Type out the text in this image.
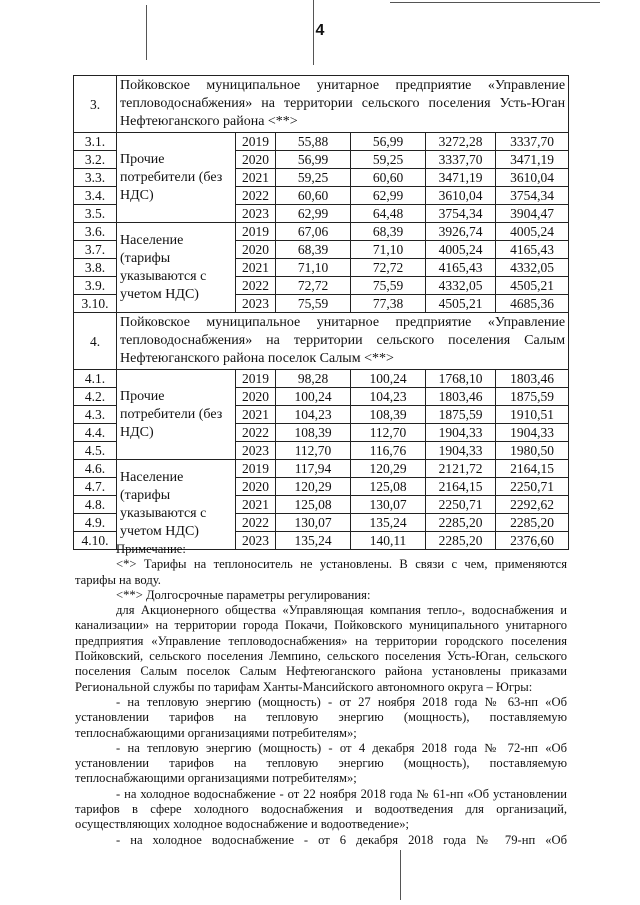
4
3.	Пойковское муниципальное унитарное предприятие «Управление тепловодоснабжения» на территории сельского поселения Усть-Юган Нефтеюганского района <**>					
3.1.	Прочие потребители (без НДС)	2019	55,88	56,99	3272,28	3337,70
3.2.		2020	56,99	59,25	3337,70	3471,19
3.3.		2021	59,25	60,60	3471,19	3610,04
3.4.		2022	60,60	62,99	3610,04	3754,34
3.5.		2023	62,99	64,48	3754,34	3904,47
3.6.	Население (тарифы указываются с учетом НДС)	2019	67,06	68,39	3926,74	4005,24
3.7.		2020	68,39	71,10	4005,24	4165,43
3.8.		2021	71,10	72,72	4165,43	4332,05
3.9.		2022	72,72	75,59	4332,05	4505,21
3.10.		2023	75,59	77,38	4505,21	4685,36
4.	Пойковское муниципальное унитарное предприятие «Управление тепловодоснабжения» на территории сельского поселения Салым Нефтеюганского района поселок Салым <**>					
4.1.	Прочие потребители (без НДС)	2019	98,28	100,24	1768,10	1803,46
4.2.		2020	100,24	104,23	1803,46	1875,59
4.3.		2021	104,23	108,39	1875,59	1910,51
4.4.		2022	108,39	112,70	1904,33	1904,33
4.5.		2023	112,70	116,76	1904,33	1980,50
4.6.	Население (тарифы указываются с учетом НДС)	2019	117,94	120,29	2121,72	2164,15
4.7.		2020	120,29	125,08	2164,15	2250,71
4.8.		2021	125,08	130,07	2250,71	2292,62
4.9.		2022	130,07	135,24	2285,20	2285,20
4.10.		2023	135,24	140,11	2285,20	2376,60

Примечание:

<*> Тарифы на теплоноситель не установлены. В связи с чем, применяются тарифы на воду.

<**> Долгосрочные параметры регулирования:

для Акционерного общества «Управляющая компания тепло-, водоснабжения и канализации» на территории города Покачи, Пойковского муниципального унитарного предприятия «Управление тепловодоснабжения» на территории городского поселения Пойковский, сельского поселения Лемпино, сельского поселения Усть-Юган, сельского поселения Салым поселок Салым Нефтеюганского района установлены приказами Региональной службы по тарифам Ханты-Мансийского автономного округа – Югры:

- на тепловую энергию (мощность) - от 27 ноября 2018 года № 63-нп «Об установлении тарифов на тепловую энергию (мощность), поставляемую теплоснабжающими организациями потребителям»;

- на тепловую энергию (мощность) - от 4 декабря 2018 года № 72-нп «Об установлении тарифов на тепловую энергию (мощность), поставляемую теплоснабжающими организациями потребителям»;

- на холодное водоснабжение - от 22 ноября 2018 года № 61-нп «Об установлении тарифов в сфере холодного водоснабжения и водоотведения для организаций, осуществляющих холодное водоснабжение и водоотведение»;

- на холодное водоснабжение - от 6 декабря 2018 года № 79-нп «Об
